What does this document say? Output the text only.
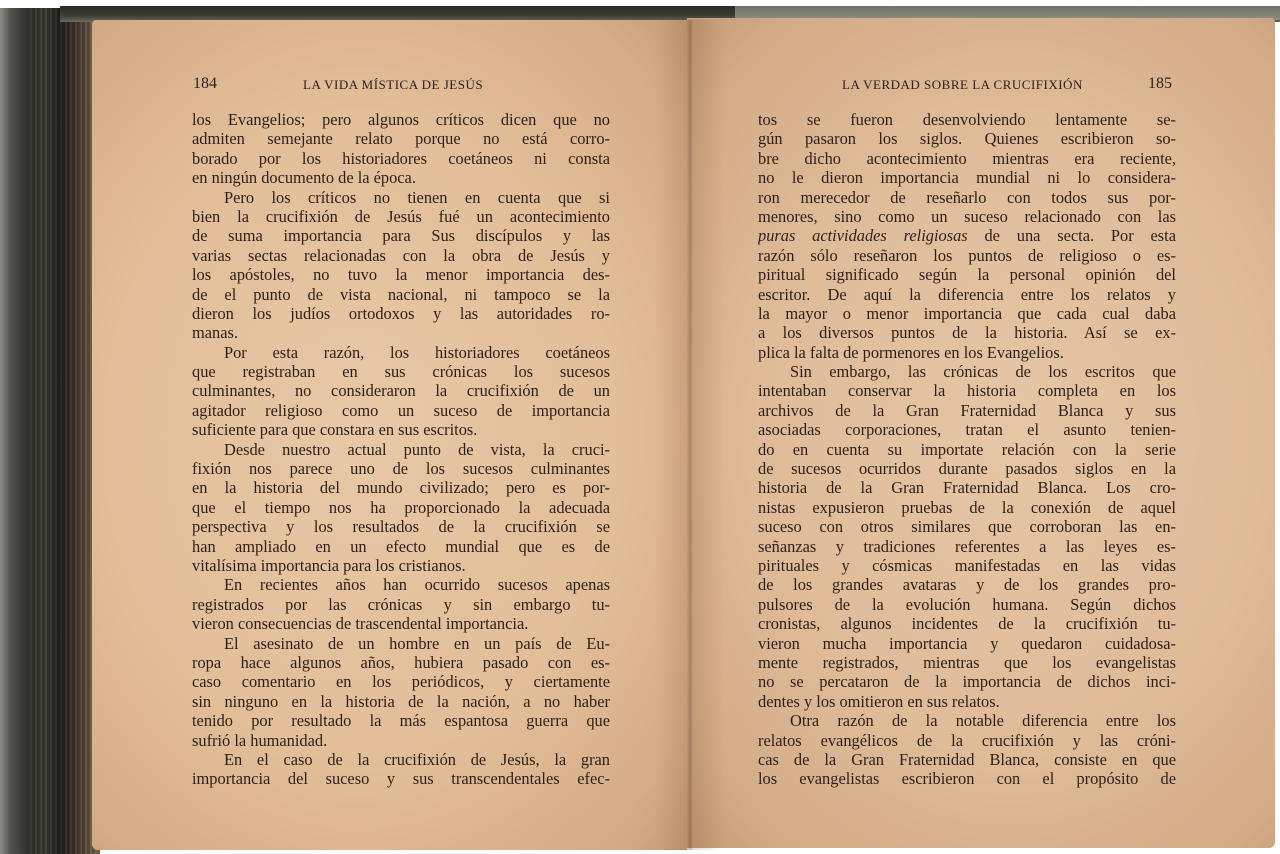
184	LA VIDA MÍSTICA DE JESÚS	LA VERDAD SOBRE LA CRUCIFIXIÓN	185
los Evangelios; pero algunos críticos dicen que no
admiten semejante relato porque no está corro-
borado por los historiadores coetáneos ni consta
en ningún documento de la época.
Pero los críticos no tienen en cuenta que si
bien la crucifixión de Jesús fué un acontecimiento
de suma importancia para Sus discípulos y las
varias sectas relacionadas con la obra de Jesús y
los apóstoles, no tuvo la menor importancia des-
de el punto de vista nacional, ni tampoco se la
dieron los judíos ortodoxos y las autoridades ro-
manas.
Por esta razón, los historiadores coetáneos
que registraban en sus crónicas los sucesos
culminantes, no consideraron la crucifixión de un
agitador religioso como un suceso de importancia
suficiente para que constara en sus escritos.
Desde nuestro actual punto de vista, la cruci-
fixión nos parece uno de los sucesos culminantes
en la historia del mundo civilizado; pero es por-
que el tiempo nos ha proporcionado la adecuada
perspectiva y los resultados de la crucifixión se
han ampliado en un efecto mundial que es de
vitalísima importancia para los cristianos.
En recientes años han ocurrido sucesos apenas
registrados por las crónicas y sin embargo tu-
vieron consecuencias de trascendental importancia.
El asesinato de un hombre en un país de Eu-
ropa hace algunos años, hubiera pasado con es-
caso comentario en los periódicos, y ciertamente
sin ninguno en la historia de la nación, a no haber
tenido por resultado la más espantosa guerra que
sufrió la humanidad.
En el caso de la crucifixión de Jesús, la gran
importancia del suceso y sus transcendentales efec-
tos se fueron desenvolviendo lentamente se-
gún pasaron los siglos. Quienes escribieron so-
bre dicho acontecimiento mientras era reciente,
no le dieron importancia mundial ni lo considera-
ron merecedor de reseñarlo con todos sus por-
menores, sino como un suceso relacionado con las
puras actividades religiosas de una secta. Por esta
razón sólo reseñaron los puntos de religioso o es-
piritual significado según la personal opinión del
escritor. De aquí la diferencia entre los relatos y
la mayor o menor importancia que cada cual daba
a los diversos puntos de la historia. Así se ex-
plica la falta de pormenores en los Evangelios.
Sin embargo, las crónicas de los escritos que
intentaban conservar la historia completa en los
archivos de la Gran Fraternidad Blanca y sus
asociadas corporaciones, tratan el asunto tenien-
do en cuenta su importate relación con la serie
de sucesos ocurridos durante pasados siglos en la
historia de la Gran Fraternidad Blanca. Los cro-
nistas expusieron pruebas de la conexión de aquel
suceso con otros similares que corroboran las en-
señanzas y tradiciones referentes a las leyes es-
pirituales y cósmicas manifestadas en las vidas
de los grandes avataras y de los grandes pro-
pulsores de la evolución humana. Según dichos
cronistas, algunos incidentes de la crucifixión tu-
vieron mucha importancia y quedaron cuidadosa-
mente registrados, mientras que los evangelistas
no se percataron de la importancia de dichos inci-
dentes y los omitieron en sus relatos.
Otra razón de la notable diferencia entre los
relatos evangélicos de la crucifixión y las cróni-
cas de la Gran Fraternidad Blanca, consiste en que
los evangelistas escribieron con el propósito de
